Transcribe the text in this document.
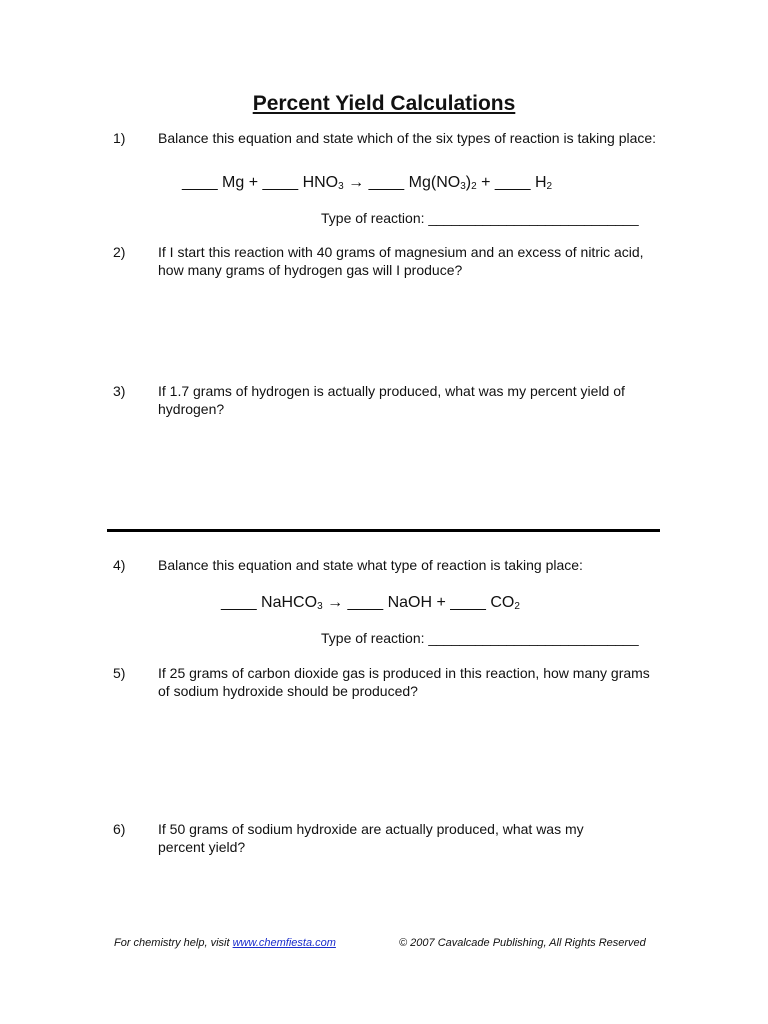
Percent Yield Calculations
1) Balance this equation and state which of the six types of reaction is taking place:
____ Mg + ____ $HNO_3$ → ____ $Mg(NO_3)_2$ + ____ $H_2$
Type of reaction: ___________________________
2) If I start this reaction with 40 grams of magnesium and an excess of nitric acid, how many grams of hydrogen gas will I produce?
3) If 1.7 grams of hydrogen is actually produced, what was my percent yield of hydrogen?
4) Balance this equation and state what type of reaction is taking place:
____ NaHCO$_3$ → ____ NaOH + ____ $CO_2$
Type of reaction: ___________________________
5) If 25 grams of carbon dioxide gas is produced in this reaction, how many grams of sodium hydroxide should be produced?
6) If 50 grams of sodium hydroxide are actually produced, what was my percent yield?
For chemistry help, visit www.chemfiesta.com	© 2007 Cavalcade Publishing, All Rights Reserved
